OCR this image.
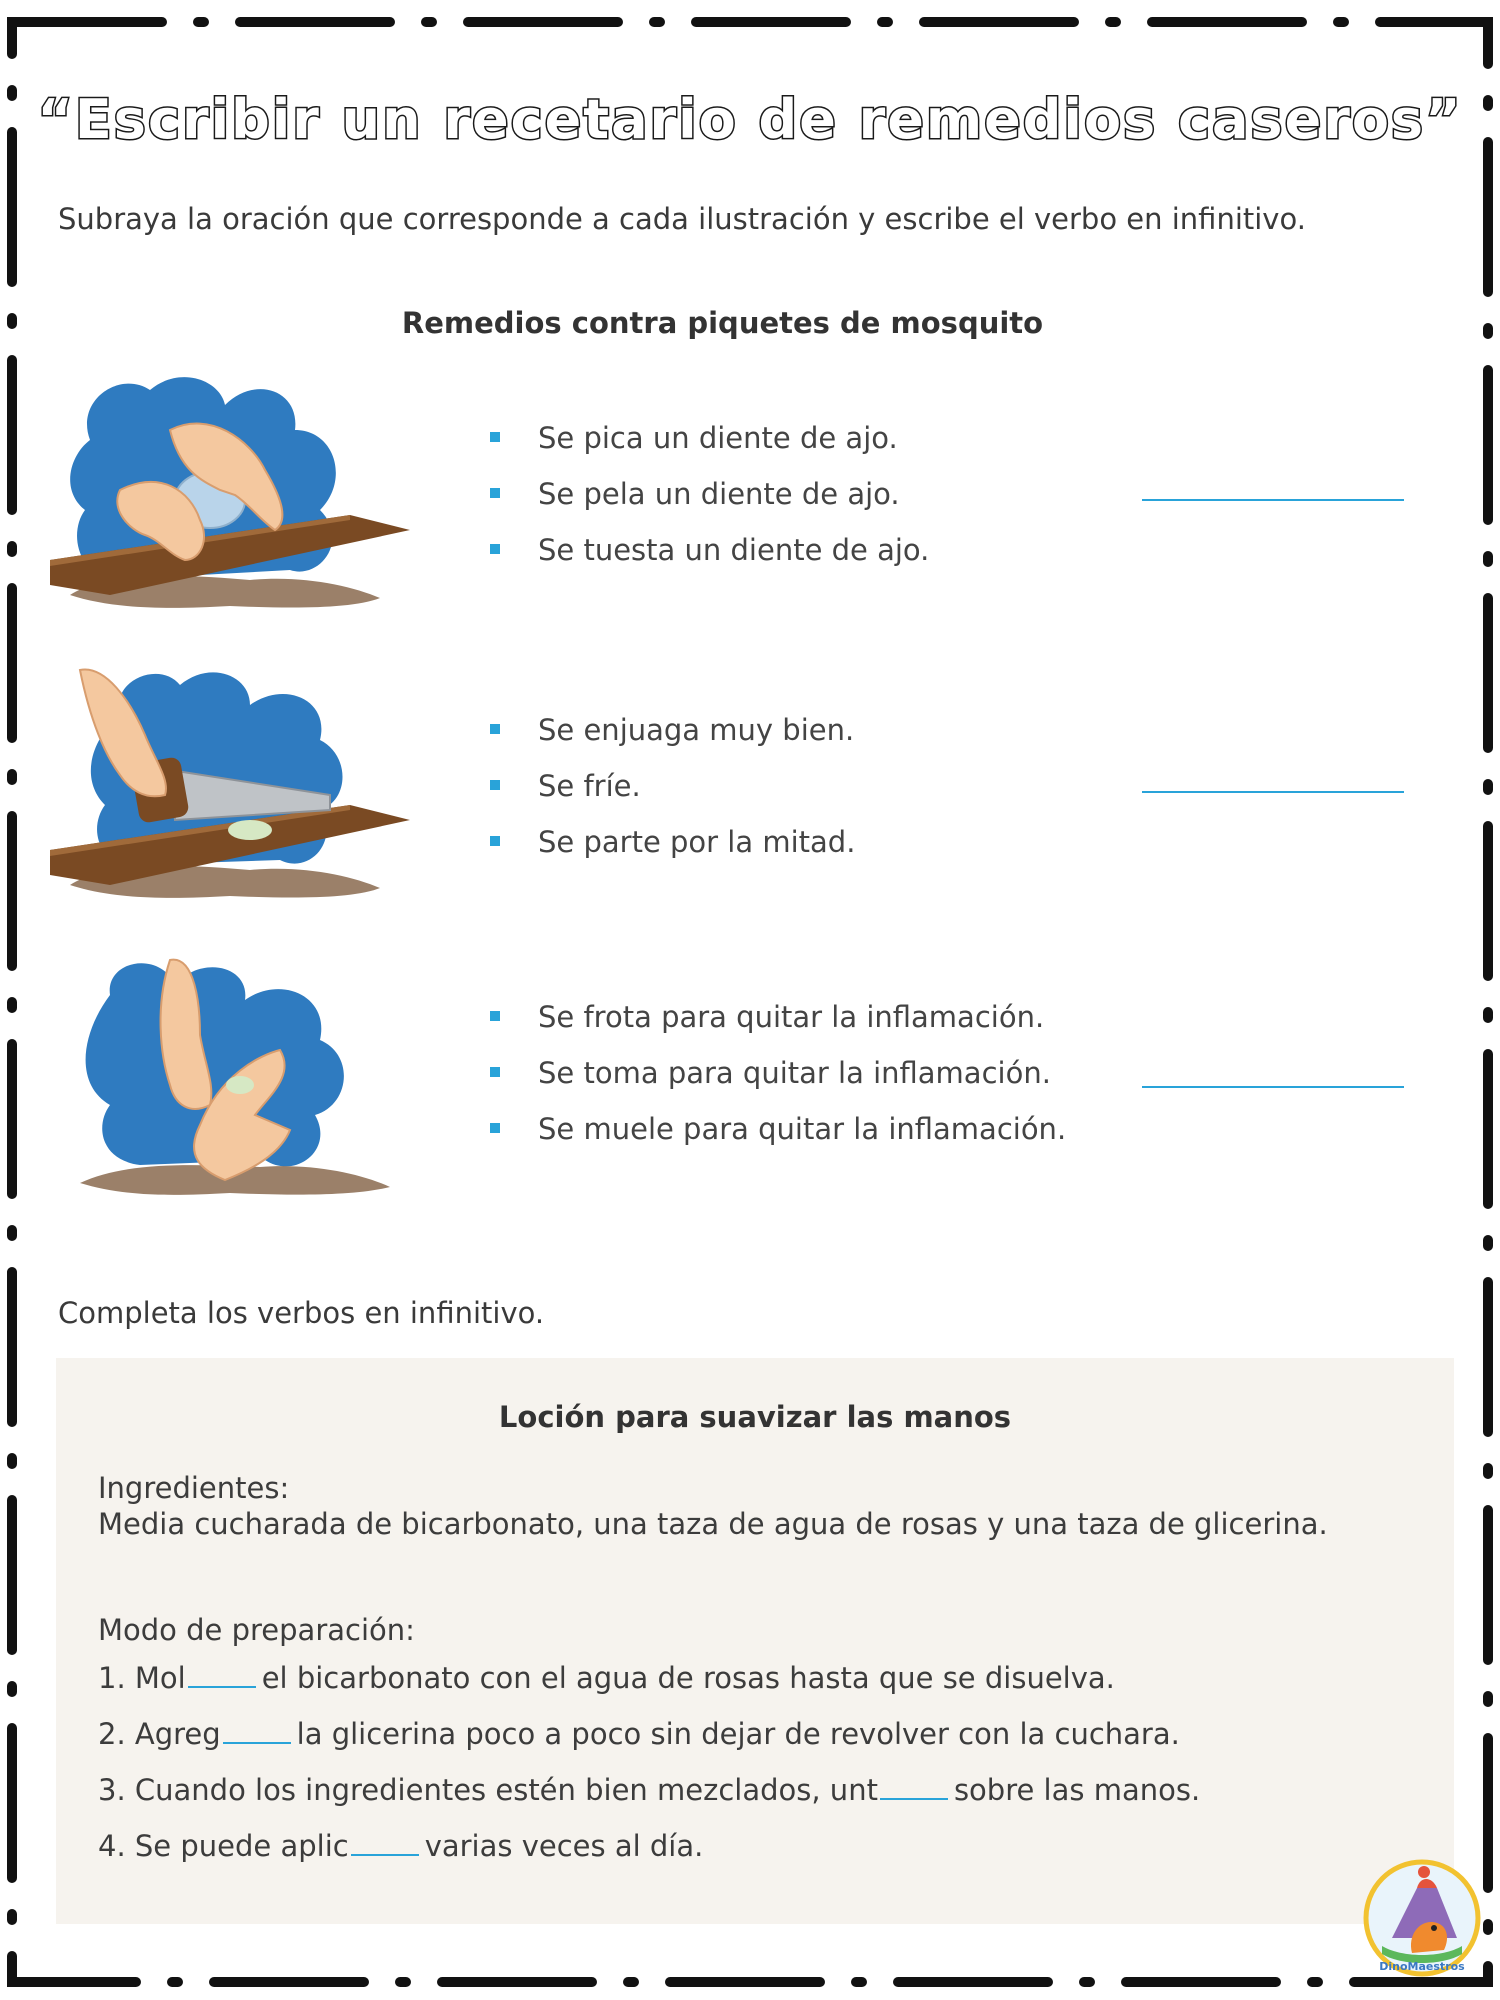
“Escribir un recetario de remedios caseros”
Subraya la oración que corresponde a cada ilustración y escribe el verbo en infinitivo.
Remedios contra piquetes de mosquito
Se pica un diente de ajo.
Se pela un diente de ajo.
Se tuesta un diente de ajo.
Se enjuaga muy bien.
Se fríe.
Se parte por la mitad.
Se frota para quitar la inflamación.
Se toma para quitar la inflamación.
Se muele para quitar la inflamación.
Completa los verbos en infinitivo.
Loción para suavizar las manos
Ingredientes:
Media cucharada de bicarbonato, una taza de agua de rosas y una taza de glicerina.
Modo de preparación:
1. Mol	el bicarbonato con el agua de rosas hasta que se disuelva.
2. Agreg	la glicerina poco a poco sin dejar de revolver con la cuchara.
3. Cuando los ingredientes estén bien mezclados, unt	sobre las manos.
4. Se puede aplic	varias veces al día.
DinoMaestros
